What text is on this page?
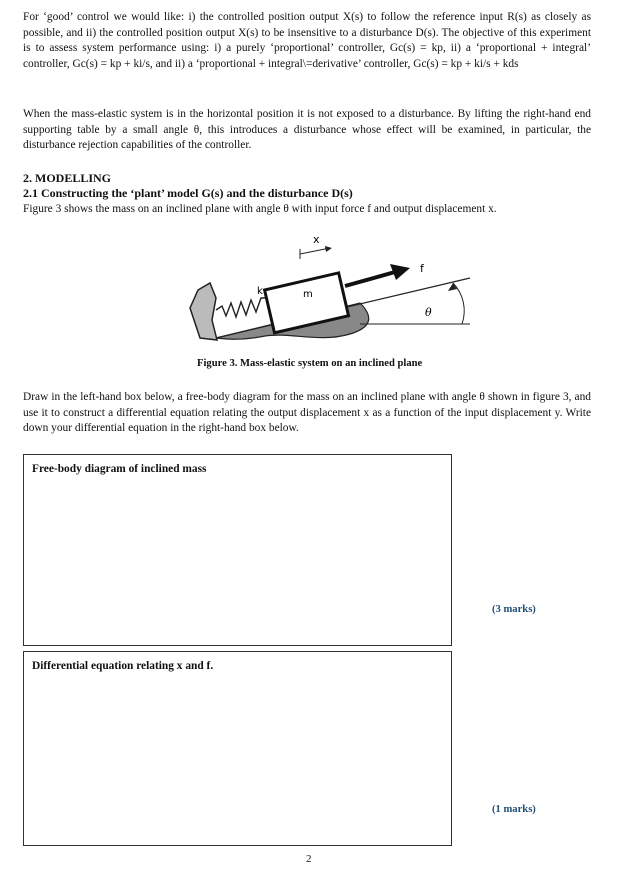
For ‘good’ control we would like: i) the controlled position output X(s) to follow the reference input R(s) as closely as possible, and ii) the controlled position output X(s) to be insensitive to a disturbance D(s). The objective of this experiment is to assess system performance using: i) a purely ‘proportional’ controller, Gc(s) = kp, ii) a ‘proportional + integral’ controller, Gc(s) = kp + ki/s, and ii) a ‘proportional + integral\=derivative’ controller, Gc(s) = kp + ki/s + kds
When the mass-elastic system is in the horizontal position it is not exposed to a disturbance. By lifting the right-hand end supporting table by a small angle θ, this introduces a disturbance whose effect will be examined, in particular, the disturbance rejection capabilities of the controller.
2. MODELLING
2.1 Constructing the ‘plant’ model G(s) and the disturbance D(s)
Figure 3 shows the mass on an inclined plane with angle θ with input force f and output displacement x.
x
k	m
f
θ
Figure 3. Mass-elastic system on an inclined plane
Draw in the left-hand box below, a free-body diagram for the mass on an inclined plane with angle θ shown in figure 3, and use it to construct a differential equation relating the output displacement x as a function of the input displacement y. Write down your differential equation in the right-hand box below.
Free-body diagram of inclined mass
(3 marks)
Differential equation relating x and f.
(1 marks)
2
